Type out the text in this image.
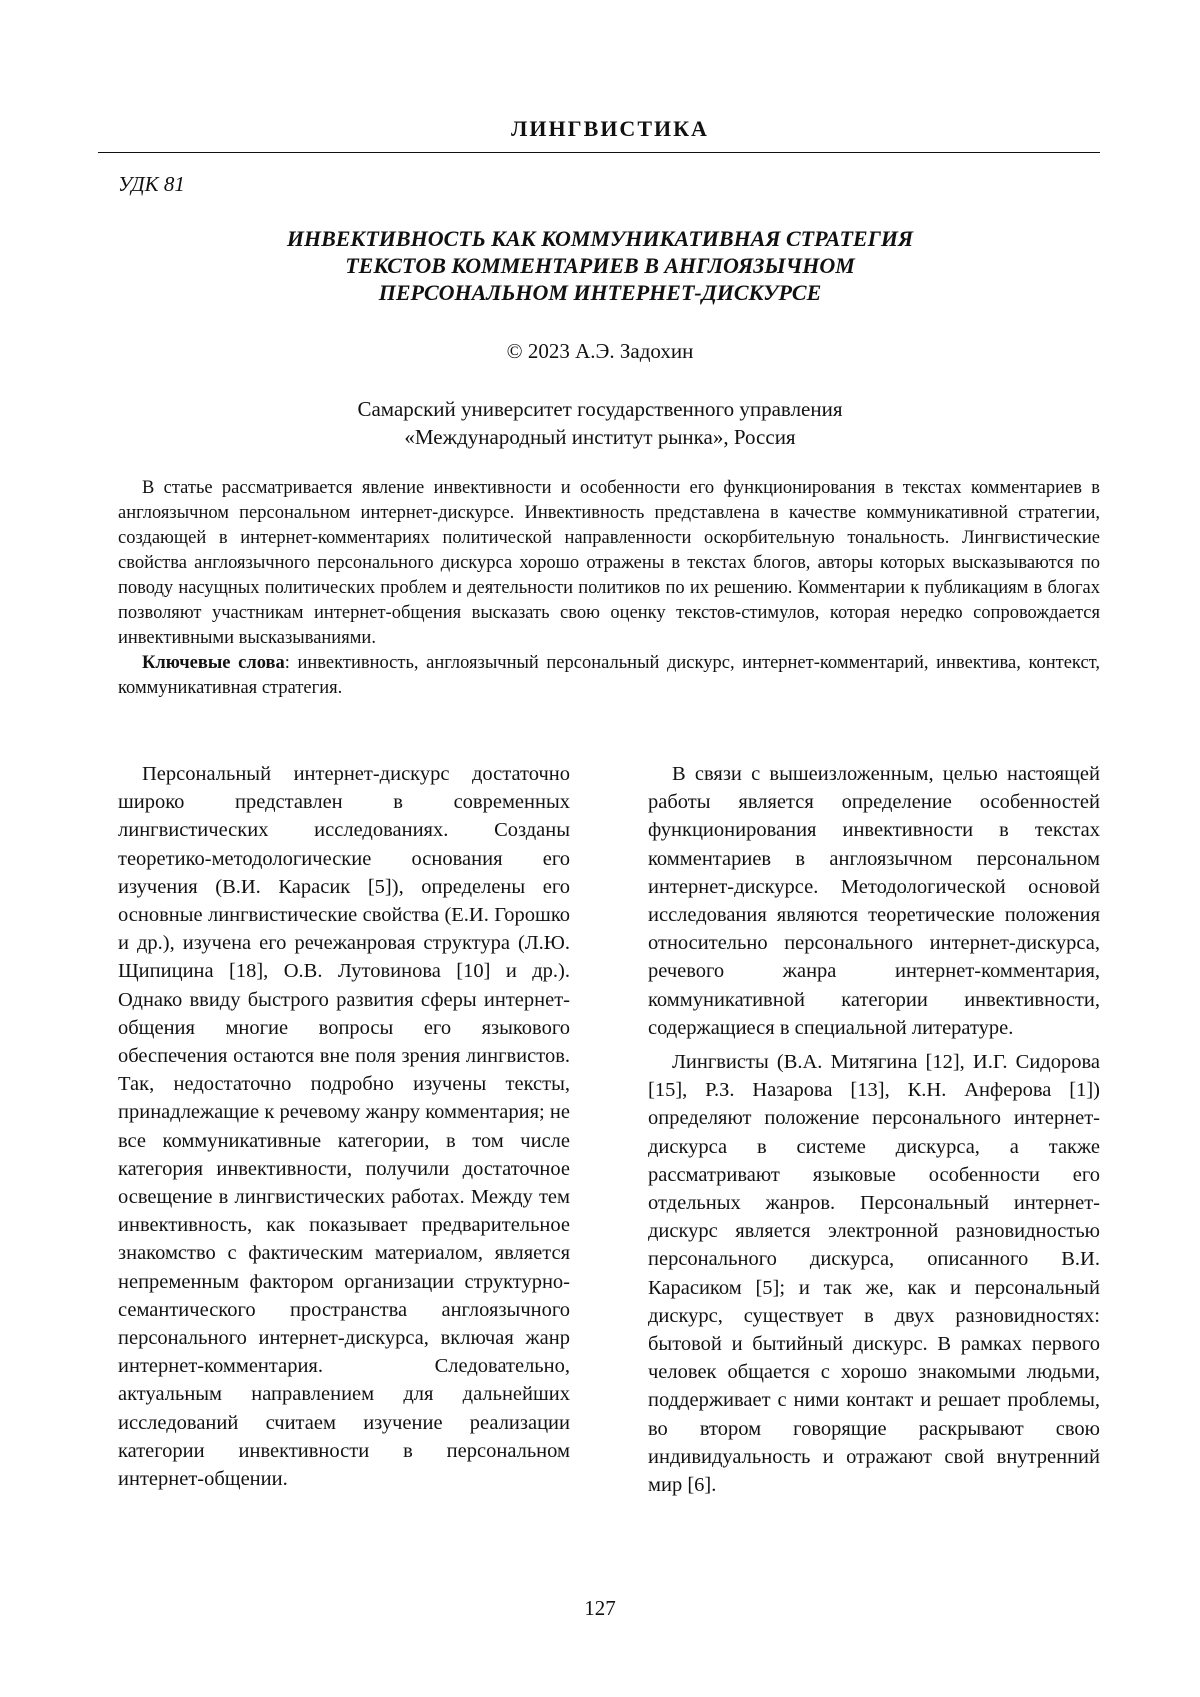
ЛИНГВИСТИКА
УДК 81
ИНВЕКТИВНОСТЬ КАК КОММУНИКАТИВНАЯ СТРАТЕГИЯ
ТЕКСТОВ КОММЕНТАРИЕВ В АНГЛОЯЗЫЧНОМ
ПЕРСОНАЛЬНОМ ИНТЕРНЕТ-ДИСКУРСЕ
© 2023 А.Э. Задохин
Самарский университет государственного управления
«Международный институт рынка», Россия

В статье рассматривается явление инвективности и особенности его функционирования в текстах комментариев в англоязычном персональном интернет-дискурсе. Инвективность представлена в качестве коммуникативной стратегии, создающей в интернет-комментариях политической направленности оскорбительную тональность. Лингвистические свойства англоязычного персонального дискурса хорошо отражены в текстах блогов, авторы которых высказываются по поводу насущных политических проблем и деятельности политиков по их решению. Комментарии к публикациям в блогах позволяют участникам интернет-общения высказать свою оценку текстов-стимулов, которая нередко сопровождается инвективными высказываниями.

Ключевые слова: инвективность, англоязычный персональный дискурс, интернет-комментарий, инвектива, контекст, коммуникативная стратегия.

Персональный интернет-дискурс достаточно широко представлен в современных лингвистических исследованиях. Созданы теоретико-методологические основания его изучения (В.И. Карасик [5]), определены его основные лингвистические свойства (Е.И. Горошко и др.), изучена его речежанровая структура (Л.Ю. Щипицина [18], О.В. Лутовинова [10] и др.). Однако ввиду быстрого развития сферы интернет-общения многие вопросы его языкового обеспечения остаются вне поля зрения лингвистов. Так, недостаточно подробно изучены тексты, принадлежащие к речевому жанру комментария; не все коммуникативные категории, в том числе категория инвективности, получили достаточное освещение в лингвистических работах. Между тем инвективность, как показывает предварительное знакомство с фактическим материалом, является непременным фактором организации структурно-семантического пространства англоязычного персонального интернет-дискурса, включая жанр интернет-комментария. Следовательно, актуальным направлением для дальнейших исследований считаем изучение реализации категории инвективности в персональном интернет-общении.

В связи с вышеизложенным, целью настоящей работы является определение особенностей функционирования инвективности в текстах комментариев в англоязычном персональном интернет-дискурсе. Методологической основой исследования являются теоретические положения относительно персонального интернет-дискурса, речевого жанра интернет-комментария, коммуникативной категории инвективности, содержащиеся в специальной литературе.

Лингвисты (В.А. Митягина [12], И.Г. Сидорова [15], Р.З. Назарова [13], К.Н. Анферова [1]) определяют положение персонального интернет-дискурса в системе дискурса, а также рассматривают языковые особенности его отдельных жанров. Персональный интернет-дискурс является электронной разновидностью персонального дискурса, описанного В.И. Карасиком [5]; и так же, как и персональный дискурс, существует в двух разновидностях: бытовой и бытийный дискурс. В рамках первого человек общается с хорошо знакомыми людьми, поддерживает с ними контакт и решает проблемы, во втором говорящие раскрывают свою индивидуальность и отражают свой внутренний мир [6].

127
